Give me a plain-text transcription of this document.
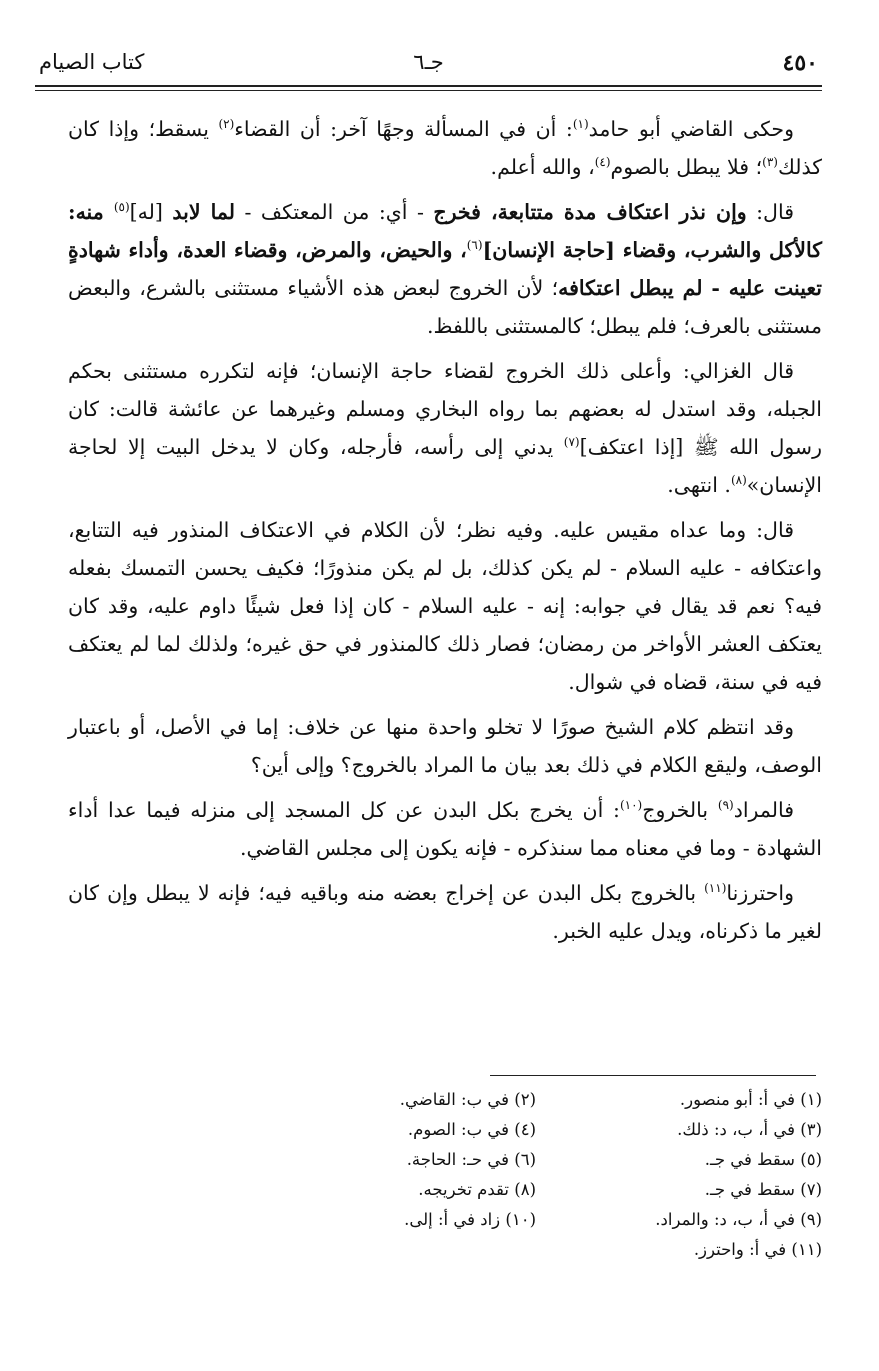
٤٥٠
جـ٦
كتاب الصيام

وحكى القاضي أبو حامد$^{(١)}$: أن في المسألة وجهًا آخر: أن القضاء$^{(٢)}$ يسقط؛ وإذا كان كذلك$^{(٣)}$؛ فلا يبطل بالصوم$^{(٤)}$، والله أعلم.

قال: وإن نذر اعتكاف مدة متتابعة، فخرج - أي: من المعتكف - لما لابد [له]$^{(٥)}$ منه: كالأكل والشرب، وقضاء [حاجة الإنسان]$^{(٦)}$، والحيض، والمرض، وقضاء العدة، وأداء شهادةٍ تعينت عليه - لم يبطل اعتكافه؛ لأن الخروج لبعض هذه الأشياء مستثنى بالشرع، والبعض مستثنى بالعرف؛ فلم يبطل؛ كالمستثنى باللفظ.

قال الغزالي: وأعلى ذلك الخروج لقضاء حاجة الإنسان؛ فإنه لتكرره مستثنى بحكم الجبله، وقد استدل له بعضهم بما رواه البخاري ومسلم وغيرهما عن عائشة قالت: كان رسول الله ﷺ [إذا اعتكف]$^{(٧)}$ يدني إلى رأسه، فأرجله، وكان لا يدخل البيت إلا لحاجة الإنسان»$^{(٨)}$. انتهى.

قال: وما عداه مقيس عليه. وفيه نظر؛ لأن الكلام في الاعتكاف المنذور فيه التتابع، واعتكافه - عليه السلام - لم يكن كذلك، بل لم يكن منذورًا؛ فكيف يحسن التمسك بفعله فيه؟ نعم قد يقال في جوابه: إنه - عليه السلام - كان إذا فعل شيئًا داوم عليه، وقد كان يعتكف العشر الأواخر من رمضان؛ فصار ذلك كالمنذور في حق غيره؛ ولذلك لما لم يعتكف فيه في سنة، قضاه في شوال.

وقد انتظم كلام الشيخ صورًا لا تخلو واحدة منها عن خلاف: إما في الأصل، أو باعتبار الوصف، وليقع الكلام في ذلك بعد بيان ما المراد بالخروج؟ وإلى أين؟

فالمراد$^{(٩)}$ بالخروج$^{(١٠)}$: أن يخرج بكل البدن عن كل المسجد إلى منزله فيما عدا أداء الشهادة - وما في معناه مما سنذكره - فإنه يكون إلى مجلس القاضي.

واحترزنا$^{(١١)}$ بالخروج بكل البدن عن إخراج بعضه منه وباقيه فيه؛ فإنه لا يبطل وإن كان لغير ما ذكرناه، ويدل عليه الخبر.

(١) في أ: أبو منصور.
(٢) في ب: القاضي.
(٣) في أ، ب، د: ذلك.
(٤) في ب: الصوم.
(٥) سقط في جـ.
(٦) في حـ: الحاجة.
(٧) سقط في جـ.
(٨) تقدم تخريجه.
(٩) في أ، ب، د: والمراد.
(١٠) زاد في أ: إلى.
(١١) في أ: واحترز.
